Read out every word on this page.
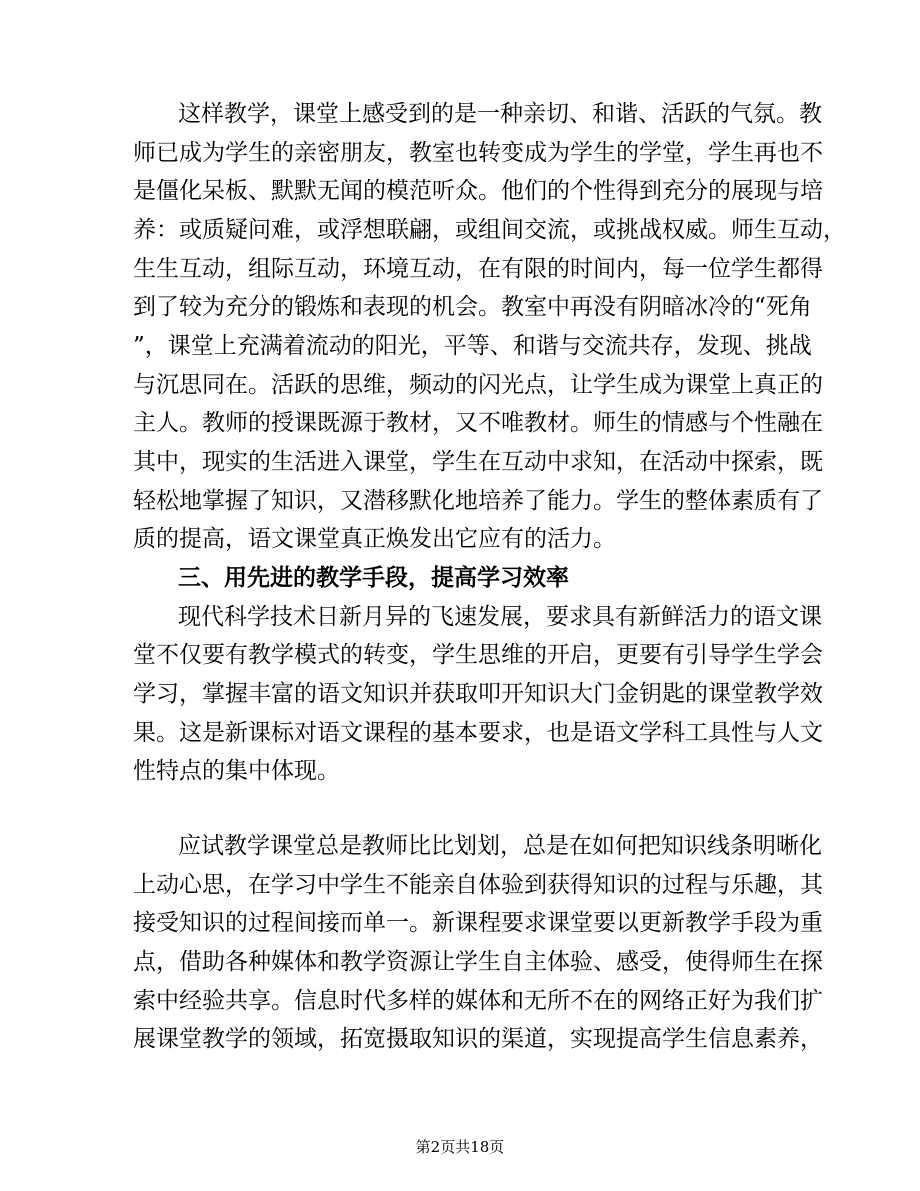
这样教学，课堂上感受到的是一种亲切、和谐、活跃的气氛。教
师已成为学生的亲密朋友，教室也转变成为学生的学堂，学生再也不
是僵化呆板、默默无闻的模范听众。他们的个性得到充分的展现与培
养：或质疑问难，或浮想联翩，或组间交流，或挑战权威。师生互动，
生生互动，组际互动，环境互动，在有限的时间内，每一位学生都得
到了较为充分的锻炼和表现的机会。教室中再没有阴暗冰冷的“死角
”，课堂上充满着流动的阳光，平等、和谐与交流共存，发现、挑战
与沉思同在。活跃的思维，频动的闪光点，让学生成为课堂上真正的
主人。教师的授课既源于教材，又不唯教材。师生的情感与个性融在
其中，现实的生活进入课堂，学生在互动中求知，在活动中探索，既
轻松地掌握了知识，又潜移默化地培养了能力。学生的整体素质有了
质的提高，语文课堂真正焕发出它应有的活力。
三、用先进的教学手段，提高学习效率
现代科学技术日新月异的飞速发展，要求具有新鲜活力的语文课
堂不仅要有教学模式的转变，学生思维的开启，更要有引导学生学会
学习，掌握丰富的语文知识并获取叩开知识大门金钥匙的课堂教学效
果。这是新课标对语文课程的基本要求，也是语文学科工具性与人文
性特点的集中体现。
应试教学课堂总是教师比比划划，总是在如何把知识线条明晰化
上动心思，在学习中学生不能亲自体验到获得知识的过程与乐趣，其
接受知识的过程间接而单一。新课程要求课堂要以更新教学手段为重
点，借助各种媒体和教学资源让学生自主体验、感受，使得师生在探
索中经验共享。信息时代多样的媒体和无所不在的网络正好为我们扩
展课堂教学的领域，拓宽摄取知识的渠道，实现提高学生信息素养，
第2页共18页
